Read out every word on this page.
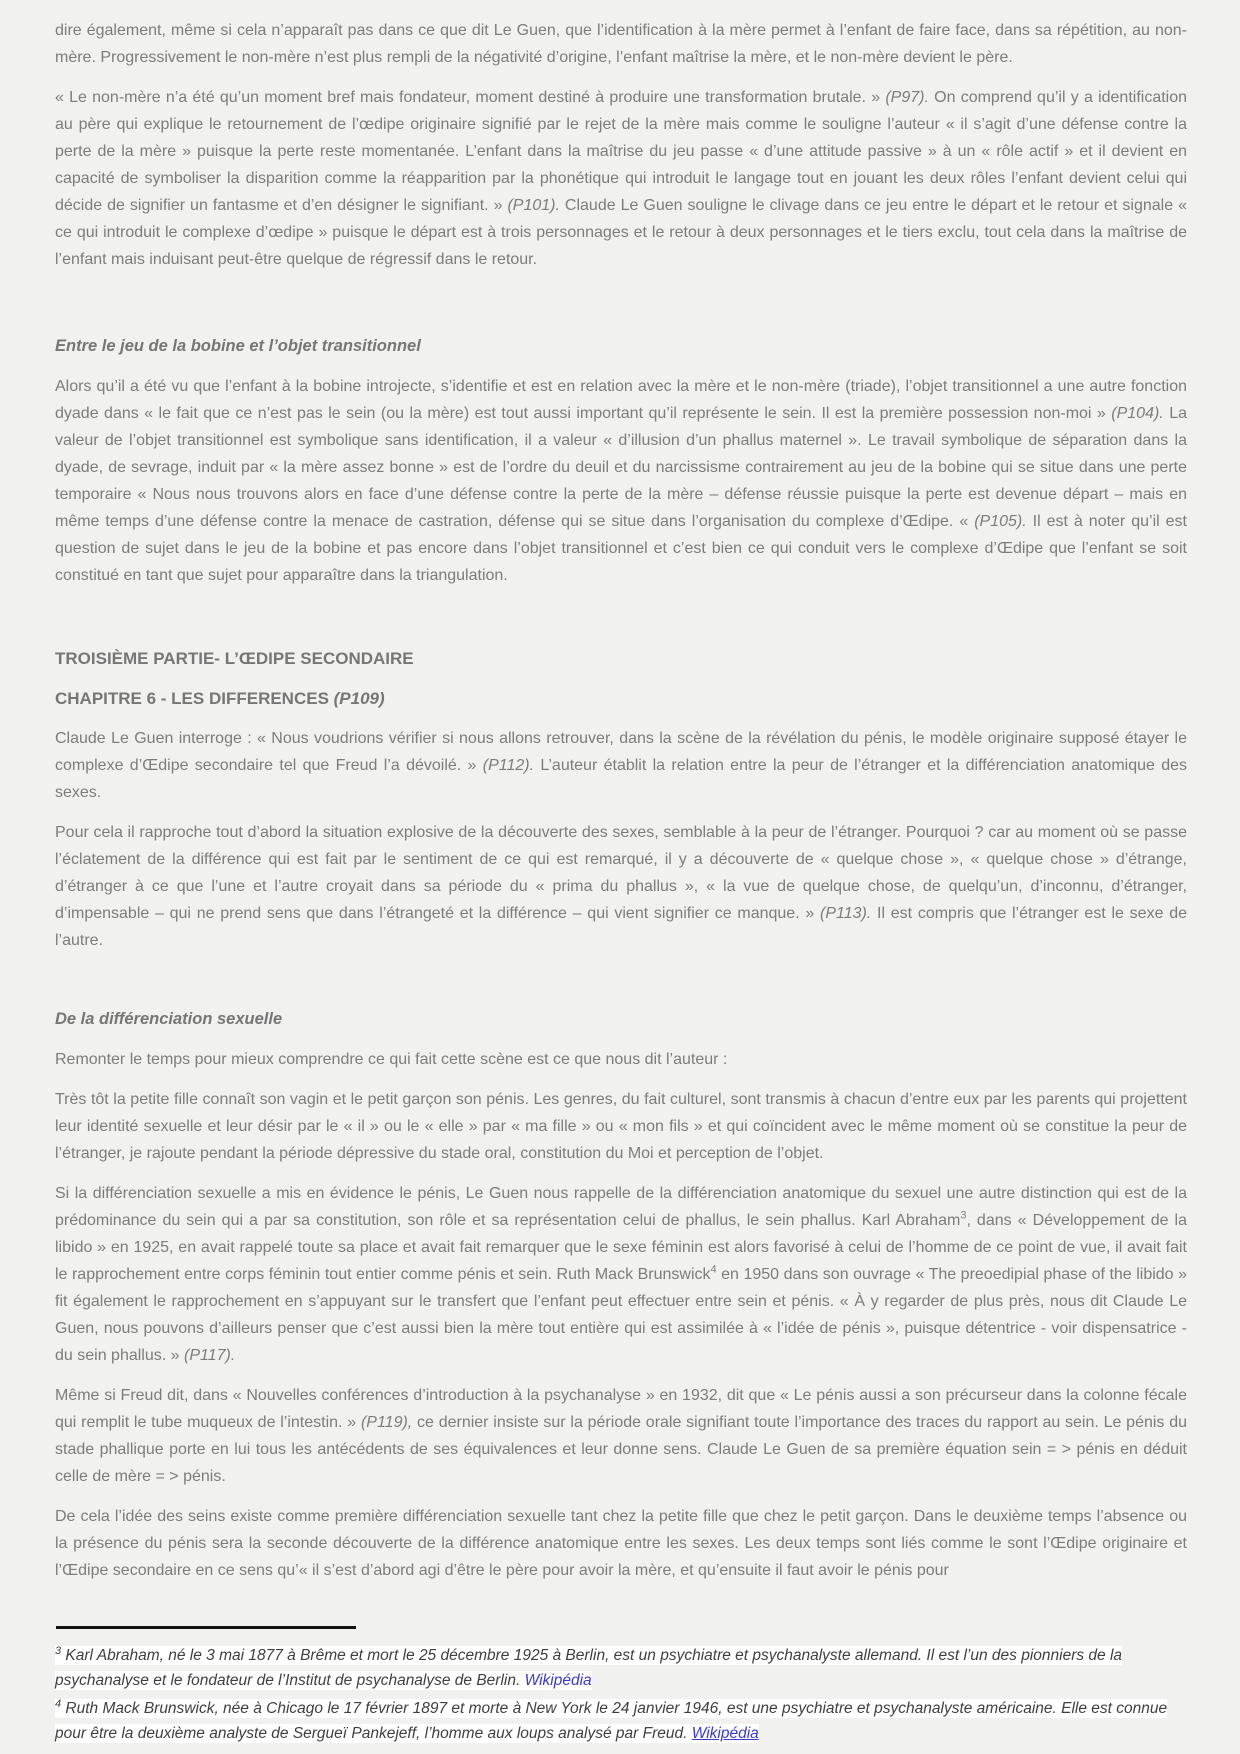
dire également, même si cela n’apparaît pas dans ce que dit Le Guen, que l’identification à la mère permet à l’enfant de faire face, dans sa répétition, au non-mère. Progressivement le non-mère n’est plus rempli de la négativité d’origine, l’enfant maîtrise la mère, et le non-mère devient le père.

« Le non-mère n’a été qu’un moment bref mais fondateur, moment destiné à produire une transformation brutale. » (P97). On comprend qu’il y a identification au père qui explique le retournement de l’œdipe originaire signifié par le rejet de la mère mais comme le souligne l’auteur « il s’agit d’une défense contre la perte de la mère » puisque la perte reste momentanée. L’enfant dans la maîtrise du jeu passe « d’une attitude passive » à un « rôle actif » et il devient en capacité de symboliser la disparition comme la réapparition par la phonétique qui introduit le langage tout en jouant les deux rôles l’enfant devient celui qui décide de signifier un fantasme et d’en désigner le signifiant. » (P101). Claude Le Guen souligne le clivage dans ce jeu entre le départ et le retour et signale « ce qui introduit le complexe d’œdipe » puisque le départ est à trois personnages et le retour à deux personnages et le tiers exclu, tout cela dans la maîtrise de l’enfant mais induisant peut-être quelque de régressif dans le retour.

Entre le jeu de la bobine et l’objet transitionnel

Alors qu’il a été vu que l’enfant à la bobine introjecte, s’identifie et est en relation avec la mère et le non-mère (triade), l’objet transitionnel a une autre fonction dyade dans « le fait que ce n’est pas le sein (ou la mère) est tout aussi important qu’il représente le sein. Il est la première possession non-moi » (P104). La valeur de l’objet transitionnel est symbolique sans identification, il a valeur « d’illusion d’un phallus maternel ». Le travail symbolique de séparation dans la dyade, de sevrage, induit par « la mère assez bonne » est de l’ordre du deuil et du narcissisme contrairement au jeu de la bobine qui se situe dans une perte temporaire « Nous nous trouvons alors en face d’une défense contre la perte de la mère – défense réussie puisque la perte est devenue départ – mais en même temps d’une défense contre la menace de castration, défense qui se situe dans l’organisation du complexe d’Œdipe. « (P105). Il est à noter qu’il est question de sujet dans le jeu de la bobine et pas encore dans l’objet transitionnel et c’est bien ce qui conduit vers le complexe d’Œdipe que l’enfant se soit constitué en tant que sujet pour apparaître dans la triangulation.

TROISIÈME PARTIE- L’ŒDIPE SECONDAIRE
CHAPITRE 6 - LES DIFFERENCES (P109)

Claude Le Guen interroge : « Nous voudrions vérifier si nous allons retrouver, dans la scène de la révélation du pénis, le modèle originaire supposé étayer le complexe d’Œdipe secondaire tel que Freud l’a dévoilé. » (P112). L’auteur établit la relation entre la peur de l’étranger et la différenciation anatomique des sexes.

Pour cela il rapproche tout d’abord la situation explosive de la découverte des sexes, semblable à la peur de l’étranger. Pourquoi ? car au moment où se passe l’éclatement de la différence qui est fait par le sentiment de ce qui est remarqué, il y a découverte de « quelque chose », « quelque chose » d’étrange, d’étranger à ce que l’une et l’autre croyait dans sa période du « prima du phallus », « la vue de quelque chose, de quelqu’un, d’inconnu, d’étranger, d’impensable – qui ne prend sens que dans l’étrangeté et la différence – qui vient signifier ce manque. » (P113). Il est compris que l’étranger est le sexe de l’autre.

De la différenciation sexuelle

Remonter le temps pour mieux comprendre ce qui fait cette scène est ce que nous dit l’auteur :

Très tôt la petite fille connaît son vagin et le petit garçon son pénis. Les genres, du fait culturel, sont transmis à chacun d’entre eux par les parents qui projettent leur identité sexuelle et leur désir par le « il » ou le « elle » par « ma fille » ou « mon fils » et qui coïncident avec le même moment où se constitue la peur de l’étranger, je rajoute pendant la période dépressive du stade oral, constitution du Moi et perception de l’objet.

Si la différenciation sexuelle a mis en évidence le pénis, Le Guen nous rappelle de la différenciation anatomique du sexuel une autre distinction qui est de la prédominance du sein qui a par sa constitution, son rôle et sa représentation celui de phallus, le sein phallus. Karl Abraham$^3$, dans « Développement de la libido » en 1925, en avait rappelé toute sa place et avait fait remarquer que le sexe féminin est alors favorisé à celui de l’homme de ce point de vue, il avait fait le rapprochement entre corps féminin tout entier comme pénis et sein. Ruth Mack Brunswick$^4$ en 1950 dans son ouvrage « The preoedipial phase of the libido » fit également le rapprochement en s’appuyant sur le transfert que l’enfant peut effectuer entre sein et pénis. « À y regarder de plus près, nous dit Claude Le Guen, nous pouvons d’ailleurs penser que c’est aussi bien la mère tout entière qui est assimilée à « l’idée de pénis », puisque détentrice - voir dispensatrice - du sein phallus. » (P117).

Même si Freud dit, dans « Nouvelles conférences d’introduction à la psychanalyse » en 1932, dit que « Le pénis aussi a son précurseur dans la colonne fécale qui remplit le tube muqueux de l’intestin. » (P119), ce dernier insiste sur la période orale signifiant toute l’importance des traces du rapport au sein. Le pénis du stade phallique porte en lui tous les antécédents de ses équivalences et leur donne sens. Claude Le Guen de sa première équation sein = > pénis en déduit celle de mère = > pénis.

De cela l’idée des seins existe comme première différenciation sexuelle tant chez la petite fille que chez le petit garçon. Dans le deuxième temps l’absence ou la présence du pénis sera la seconde découverte de la différence anatomique entre les sexes. Les deux temps sont liés comme le sont l’Œdipe originaire et l’Œdipe secondaire en ce sens qu’« il s’est d’abord agi d’être le père pour avoir la mère, et qu’ensuite il faut avoir le pénis pour

$^3$ Karl Abraham, né le 3 mai 1877 à Brême et mort le 25 décembre 1925 à Berlin, est un psychiatre et psychanalyste allemand. Il est l’un des pionniers de la psychanalyse et le fondateur de l’Institut de psychanalyse de Berlin. Wikipédia

$^4$ Ruth Mack Brunswick, née à Chicago le 17 février 1897 et morte à New York le 24 janvier 1946, est une psychiatre et psychanalyste américaine. Elle est connue pour être la deuxième analyste de Sergueï Pankejeff, l’homme aux loups analysé par Freud. Wikipédia
